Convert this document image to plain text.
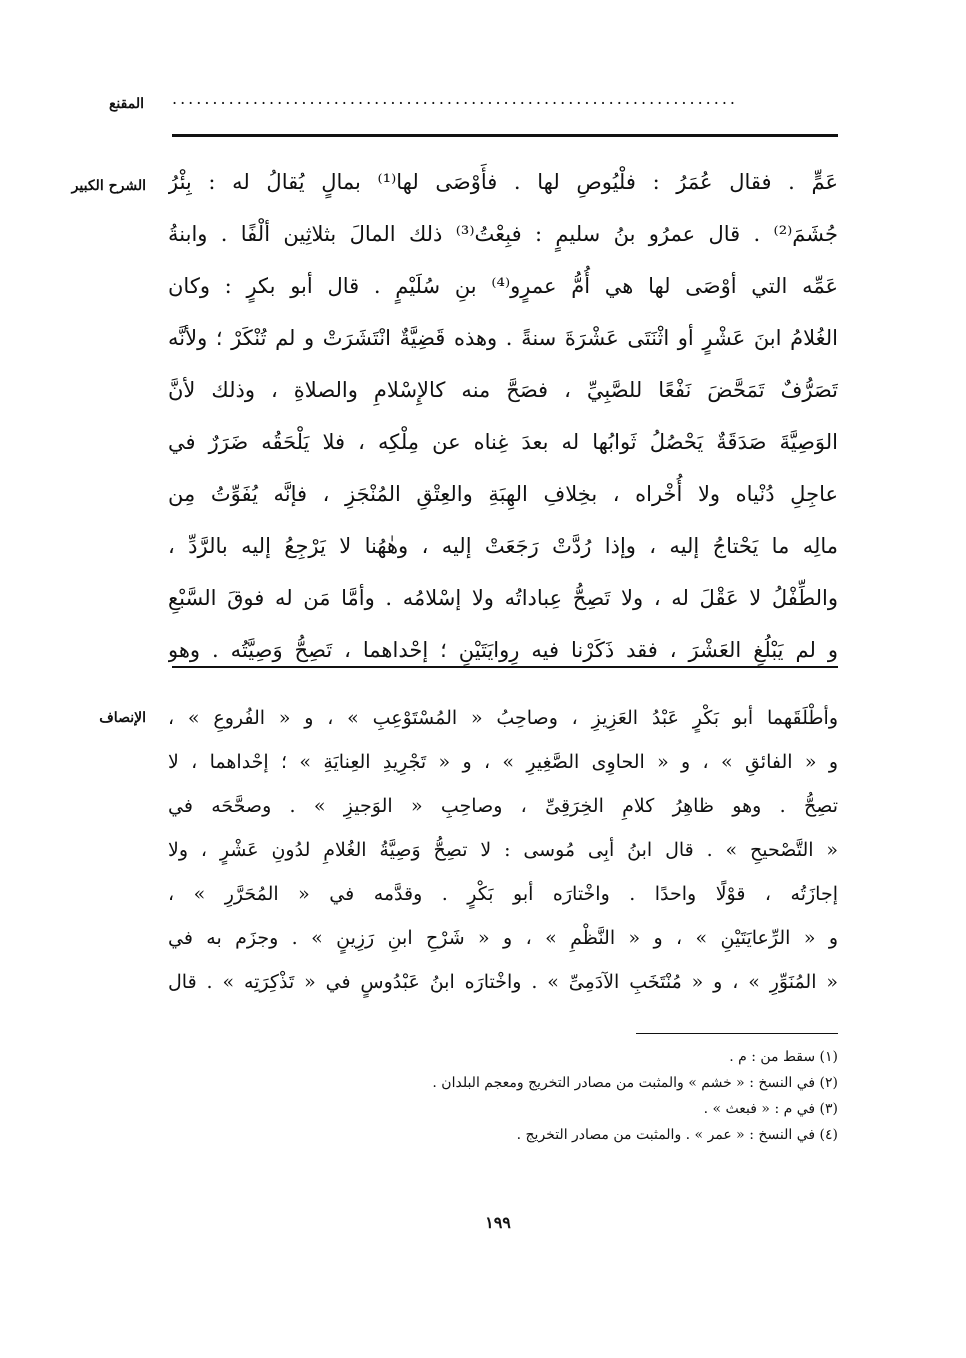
المقنع ......................................................................
الشرح الكبير عَمٍّ . فقال عُمَرُ : فلْيُوصِ لها . فأَوْصَى لها⁽¹⁾ بمالٍ يُقالُ له : بِئْرُ
جُشَمَ⁽²⁾ . قال عمرُو بنُ سليمٍ : فبِعْتُ⁽³⁾ ذلك المالَ بثلاثِين ألْفًا . وابنةُ
عَمِّه التي أوْصَى لها هي أُمُّ عمرٍو⁽⁴⁾ بنِ سُلَيْمٍ . قال أبو بكرٍ : وكان
الغُلامُ ابنَ عَشْرٍ أو اثْنَتَى عَشْرَةَ سنةً . وهذه قَضِيَّةٌ انْتَشَرَتْ و لم تُنْكَرْ ؛ ولأنَّه
تَصَرُّفٌ تَمَحَّضَ نَفْعًا للصَّبِيِّ ، فصَحَّ منه كالإِسْلامِ والصلاةِ ، وذلك لأنَّ
الوَصِيَّةَ صَدَقَةٌ يَحْصُلُ ثَوابُها له بعدَ غِناه عن مِلْكِه ، فلا يَلْحَقُه ضَرَرٌ في
عاجِلِ دُنْياه ولا أُخْراه ، بخِلافِ الهِبَةِ والعِتْقِ المُنْجَزِ ، فإنَّه يُفَوِّتُ مِن
مالِه ما يَحْتاجُ إليه ، وإذا رُدَّتْ رَجَعَتْ إليه ، وهٰهُنا لا يَرْجِعُ إليه بالرَّدِّ ،
والطِّفْلُ لا عَقْلَ له ، ولا تَصِحُّ عِباداتُه ولا إسْلامُه . وأمَّا مَن له فوقَ السَّبْعِ
و لم يَبْلُغِ العَشْرَ ، فقد ذَكَرْنا فيه رِوايَتَيْنِ ؛ إحْداهما ، تَصِحُّ وَصِيَّتُه . وهو
الإنصاف وأطْلَقَهما أبو بَكْرٍ عَبْدُ العَزِيزِ ، وصاحِبُ « المُسْتَوْعِبِ » ، و « الفُروعِ » ،
و « الفائقِ » ، و « الحاوِى الصَّغِيرِ » ، و « تَجْرِيدِ العِنايَةِ » ؛ إحْداهما ، لا
تصِحُّ . وهو ظاهِرُ كلامِ الخِرَقِىِّ ، وصاحِبِ « الوَجيزِ » . وصحَّحَه في
« التَّصْحيحِ » . قال ابنُ أبِى مُوسى : لا تصِحُّ وَصِيَّةُ الغُلامِ لدُونِ عَشْرٍ ، ولا
إجازَتُه ، قوْلًا واحدًا . واخْتارَه أبو بَكْرٍ . وقدَّمه في « المُحَرَّرِ » ،
و « الرِّعايَتَيْنِ » ، و « النَّظْمِ » ، و « شَرْحِ ابنِ رَزِينٍ » . وجزَم به في
« المُنَوِّرِ » ، و « مُنْتَخَبِ الآدَمِىِّ » . واخْتارَه ابنُ عَبْدُوسٍ في « تَذْكِرَتِه » . قال
(١) سقط من : م .
(٢) في النسخ : « خشم » والمثبت من مصادر التخريج ومعجم البلدان .
(٣) في م : « فبعث » .
(٤) في النسخ : « عمر » . والمثبت من مصادر التخريج .
١٩٩
